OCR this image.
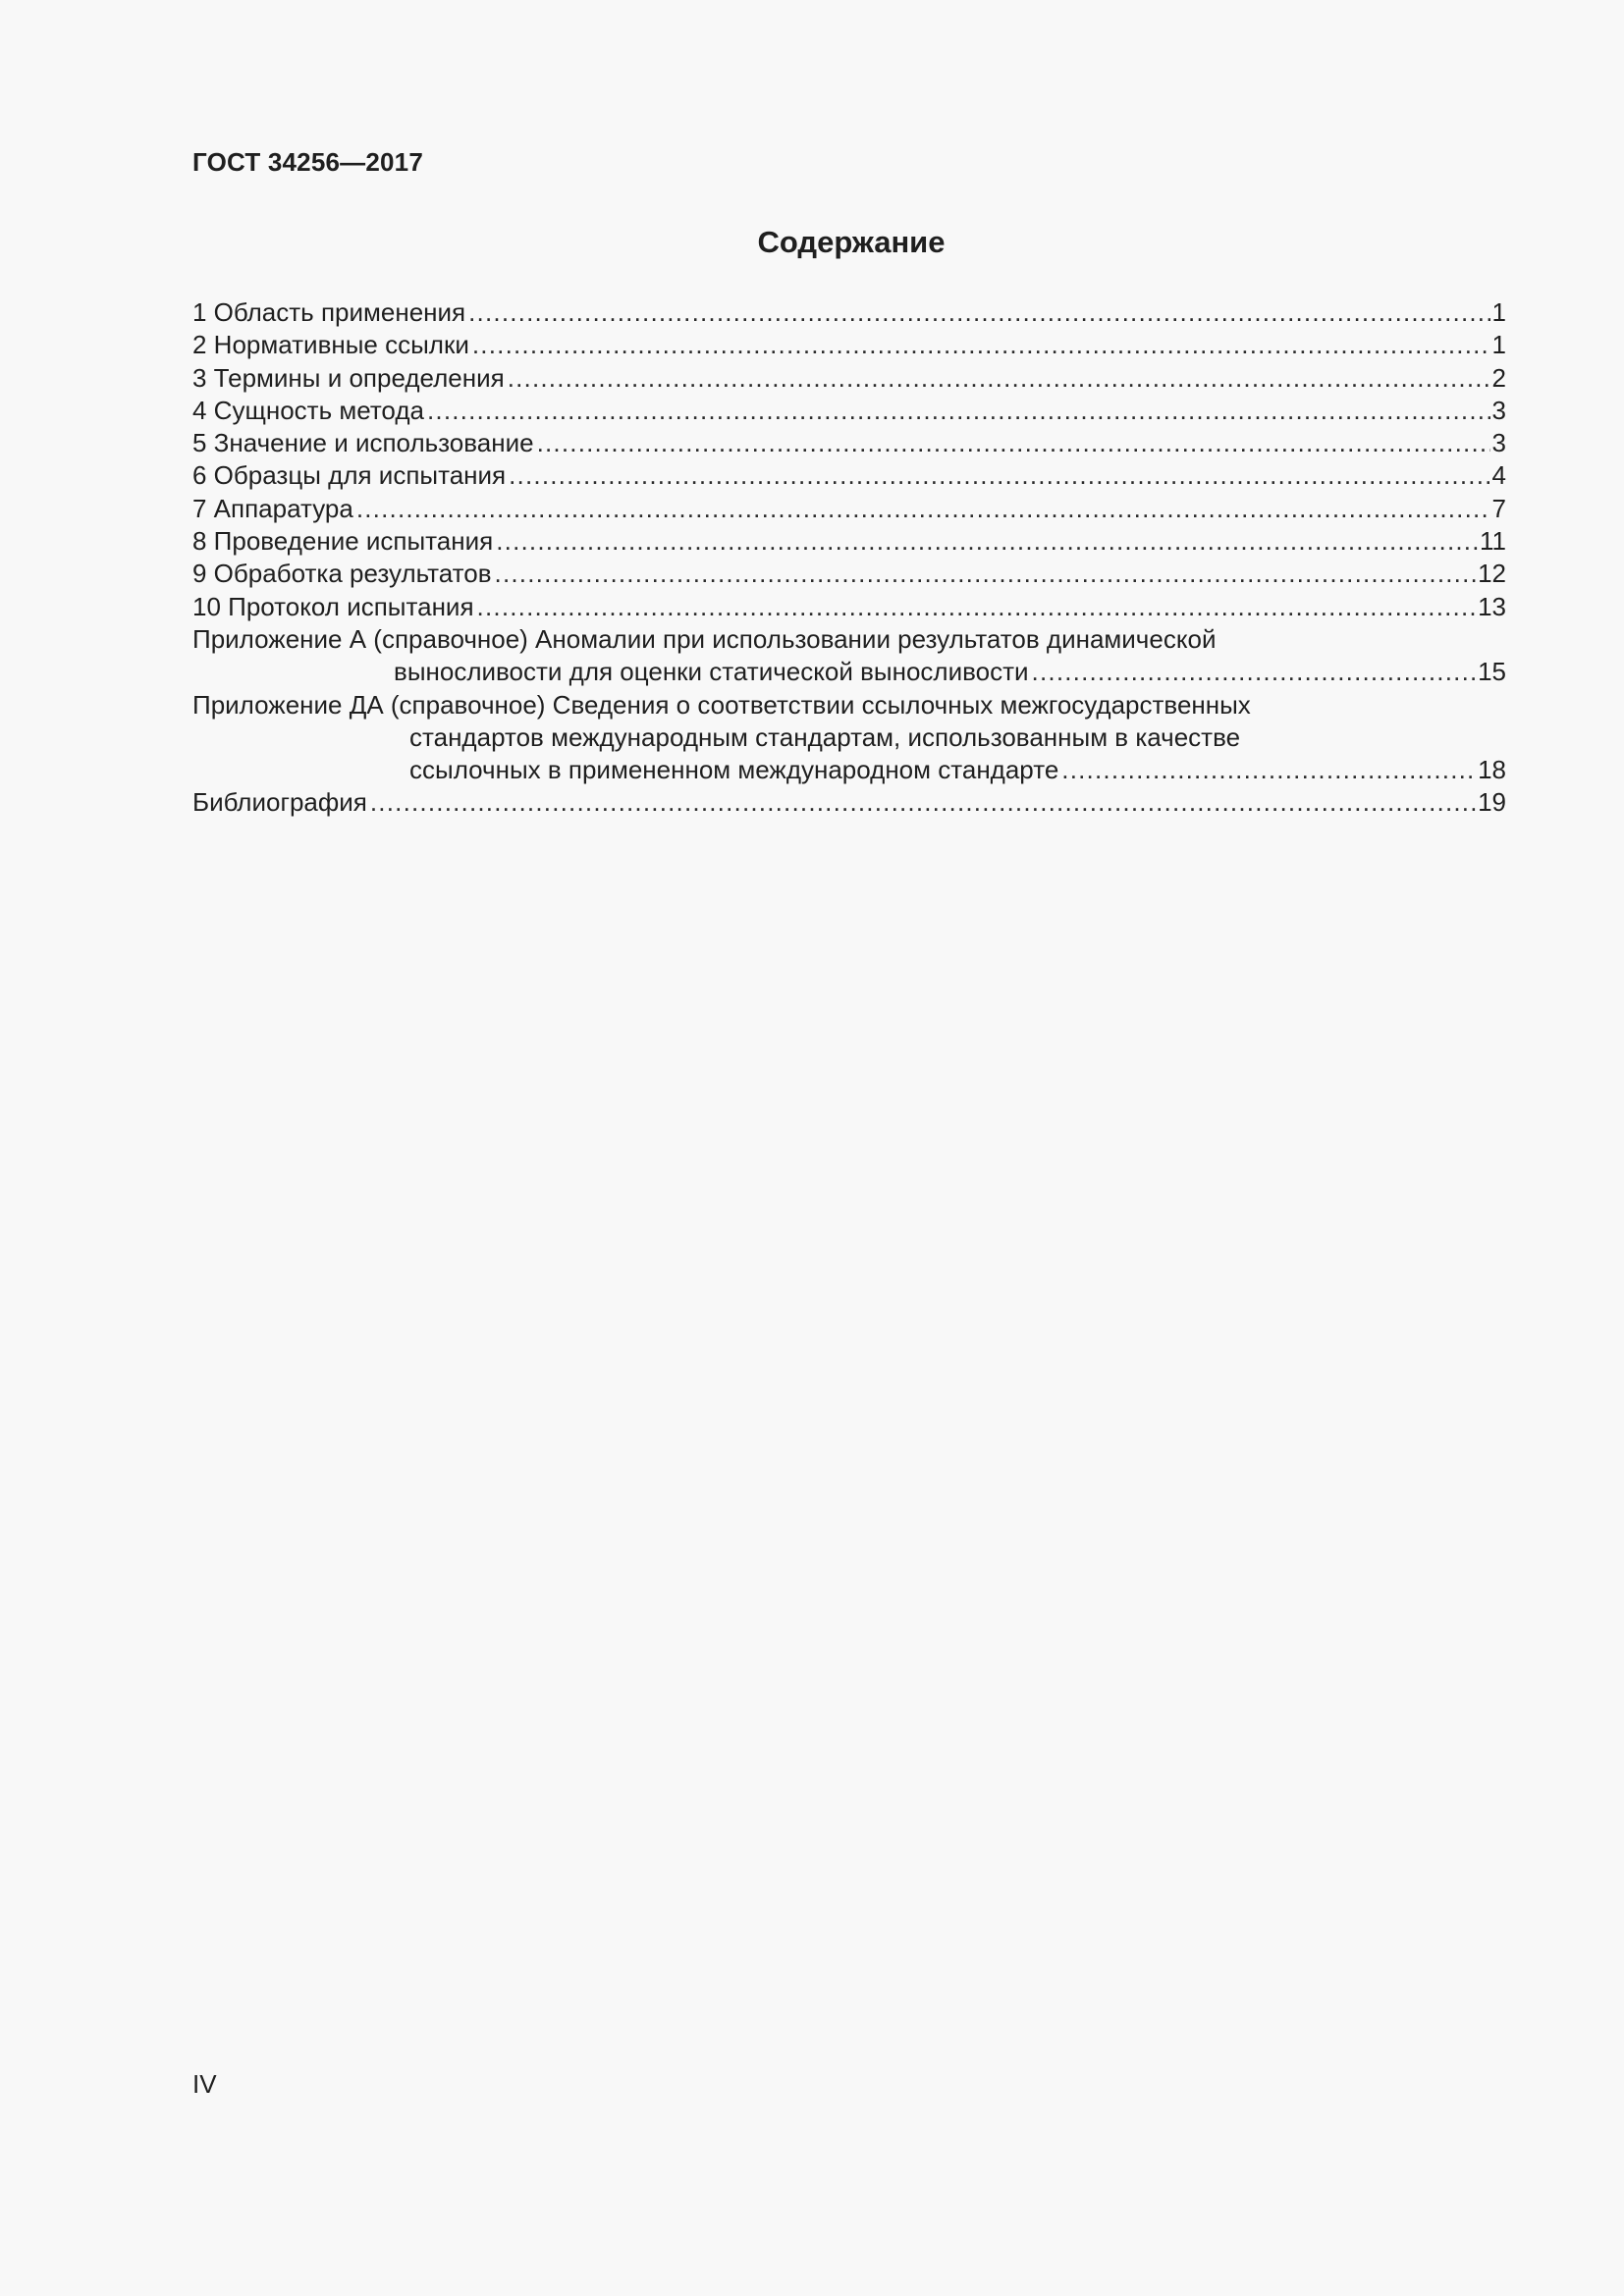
ГОСТ 34256—2017
Содержание
1 Область применения .....	1
2 Нормативные ссылки .....	1
3 Термины и определения .....	2
4 Сущность метода .....	3
5 Значение и использование .....	3
6 Образцы для испытания .....	4
7 Аппаратура .....	7
8 Проведение испытания .....	11
9 Обработка результатов .....	12
10 Протокол испытания .....	13
Приложение А (справочное) Аномалии при использовании результатов динамической
выносливости для оценки статической выносливости .....	15
Приложение ДА (справочное) Сведения о соответствии ссылочных межгосударственных
стандартов международным стандартам, использованным в качестве
ссылочных в примененном международном стандарте .....	18
Библиография .....	19
IV
